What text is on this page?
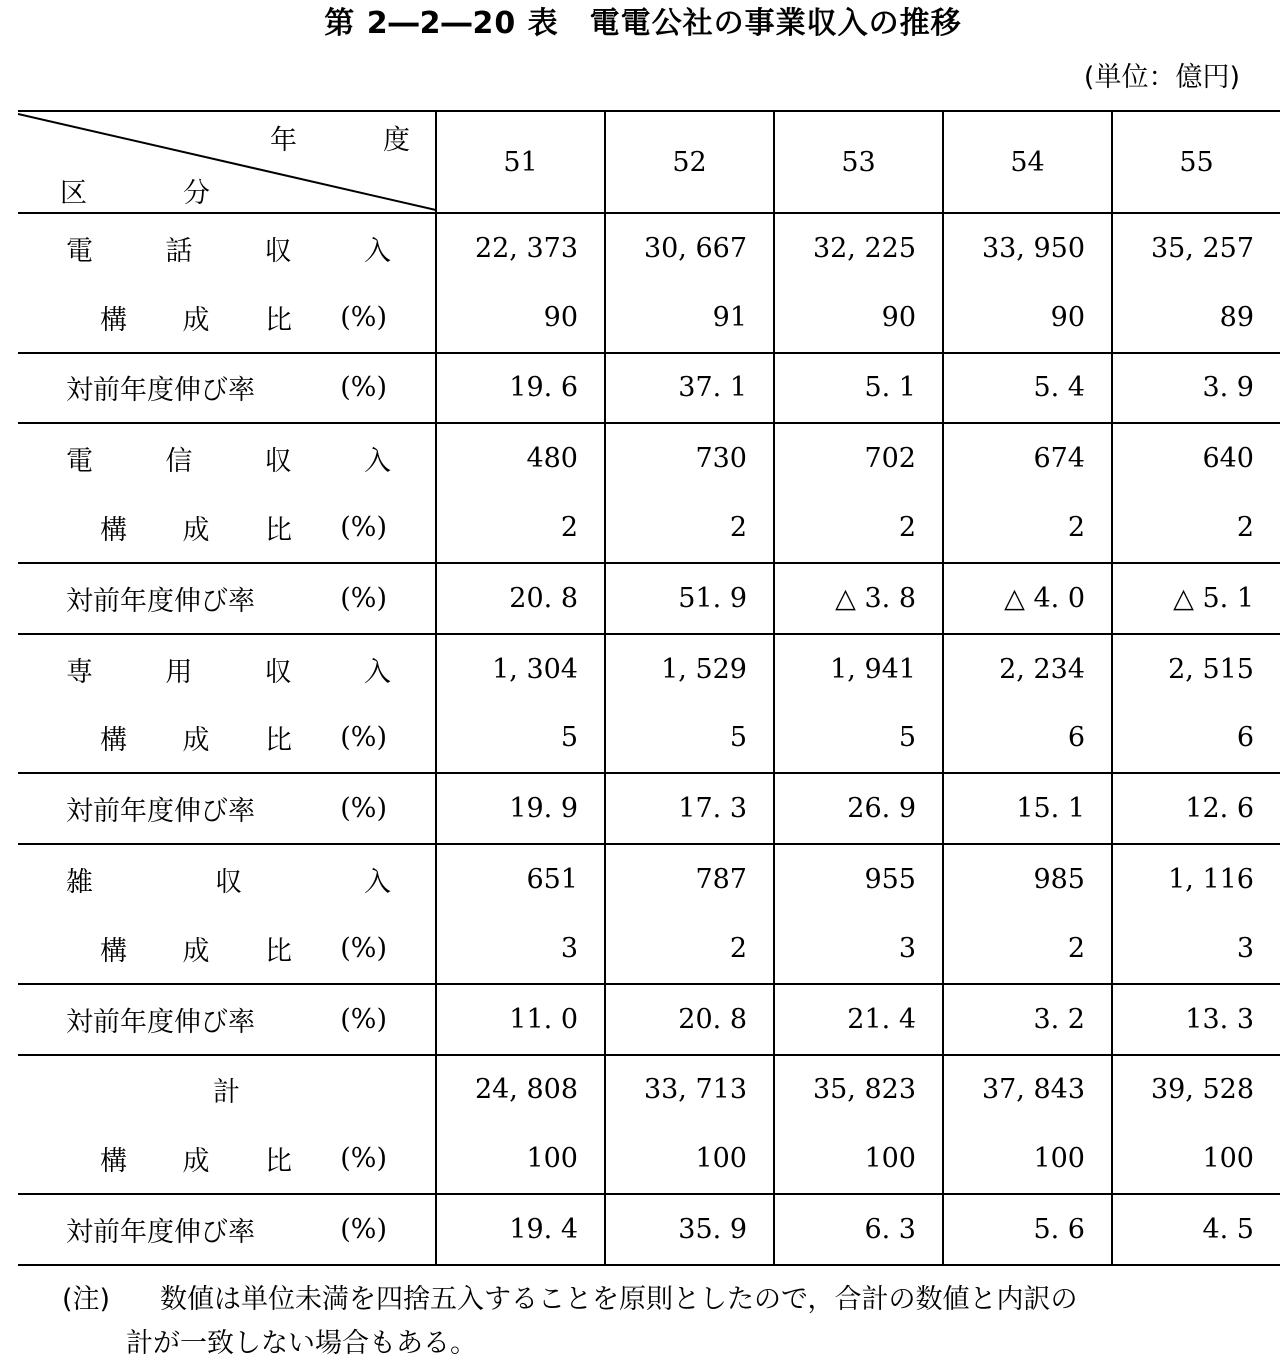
第 2―2―20 表　電電公社の事業収入の推移
(単位：億円)
年 度
区 分	51	52	53	54	55

電 話 収 入	22, 373	30, 667	32, 225	33, 950	35, 257

構 成 比 (%)	90	91	90	90	89

対前年度伸び率 (%)	19. 6	37. 1	5. 1	5. 4	3. 9

電 信 収 入	480	730	702	674	640

構 成 比 (%)	2	2	2	2	2

対前年度伸び率 (%)	20. 8	51. 9	△ 3. 8	△ 4. 0	△ 5. 1

専 用 収 入	1, 304	1, 529	1, 941	2, 234	2, 515

構 成 比 (%)	5	5	5	6	6

対前年度伸び率 (%)	19. 9	17. 3	26. 9	15. 1	12. 6

雑 収 入	651	787	955	985	1, 116

構 成 比 (%)	3	2	3	2	3

対前年度伸び率 (%)	11. 0	20. 8	21. 4	3. 2	13. 3

計	24, 808	33, 713	35, 823	37, 843	39, 528

構 成 比 (%)	100	100	100	100	100

対前年度伸び率 (%)	19. 4	35. 9	6. 3	5. 6	4. 5
(注) 数値は単位未満を四捨五入することを原則としたので，合計の数値と内訳の
計が一致しない場合もある。
